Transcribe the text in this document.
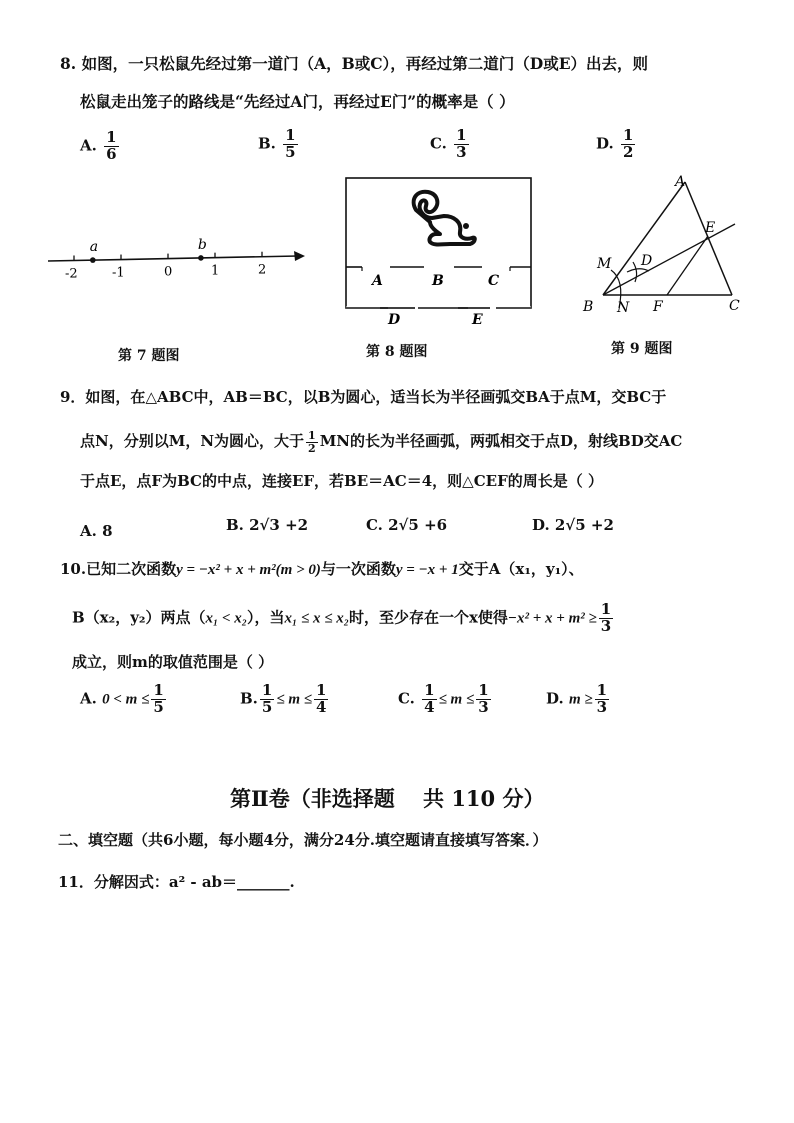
8. 如图，一只松鼠先经过第一道门（A，B或C），再经过第二道门（D或E）出去，则
松鼠走出笼子的路线是“先经过A门，再经过E门”的概率是（ ）
A. $\frac{1}{6}$	B. $\frac{1}{5}$	C. $\frac{1}{3}$	D. $\frac{1}{2}$
-2	-1	0	1	2
a	b
第 7 题图
A	B	C
D	E
第 8 题图
A
E
M D
B N F	C
第 9 题图
9．如图，在△ABC中，AB＝BC，以B为圆心，适当长为半径画弧交BA于点M，交BC于
点N，分别以M，N为圆心，大于 $\frac{1}{2}$ MN的长为半径画弧，两弧相交于点D，射线BD交AC
于点E，点F为BC的中点，连接EF，若BE＝AC＝4，则△CEF的周长是（ ）
A. 8	B. 2√3 +2	C. 2√5 +6	D. 2√5 +2
10.已知二次函数y = −x² + x + m²(m > 0)与一次函数y = −x + 1交于A（x₁，y₁）、
B（x₂，y₂）两点（x₁ < x₂），当x₁ ≤ x ≤ x₂时，至少存在一个x使得$-x^2 + x + m^2 \ge \frac{1}{3}$
成立，则m的取值范围是（ ）
A. $0 < m \le \frac{1}{5}$	B. $\frac{1}{5} \le m \le \frac{1}{4}$	C. $\frac{1}{4} \le m \le \frac{1}{3}$	D. $m \ge \frac{1}{3}$
第Ⅱ卷（非选择题　 共 110 分）
二、填空题（共6小题，每小题4分，满分24分.填空题请直接填写答案．）
11．分解因式：a² - ab＝_______.
